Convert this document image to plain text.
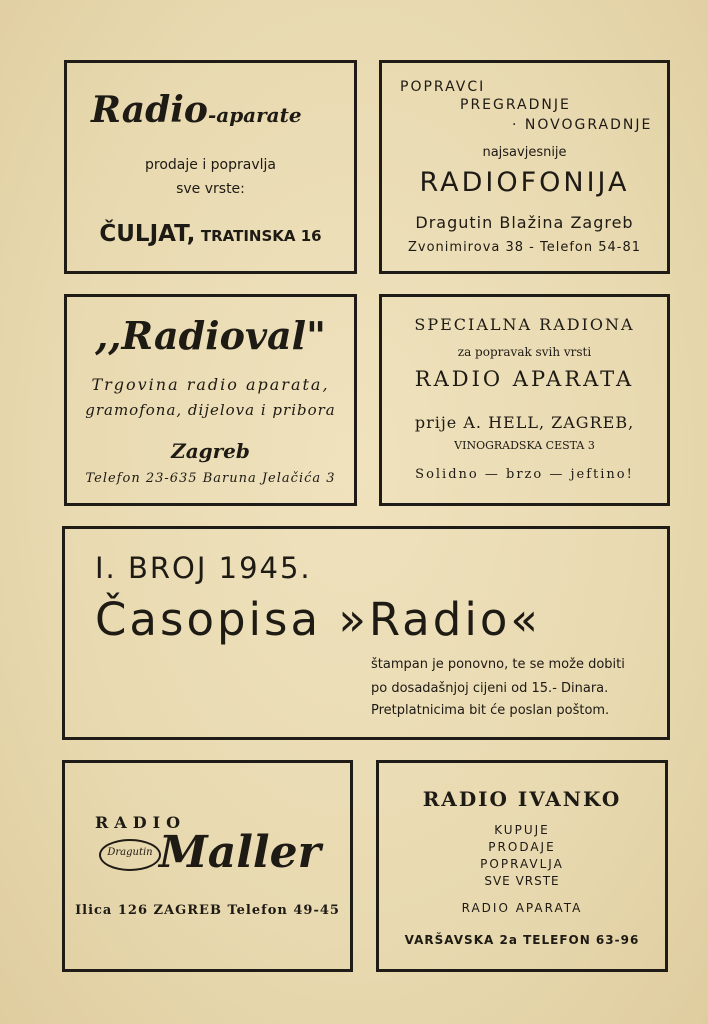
Radio-aparate
prodaje i popravlja
sve vrste:
ČULJAT, TRATINSKA 16
POPRAVCI
PREGRADNJE
· NOVOGRADNJE
najsavjesnije
RADIOFONIJA
Dragutin Blažina Zagreb
Zvonimirova 38 - Telefon 54-81
,,Radioval"
Trgovina radio aparata,
gramofona, dijelova i pribora
Zagreb
Telefon 23-635 Baruna Jelačića 3
SPECIALNA RADIONA
za popravak svih vrsti
RADIO APARATA
prije A. HELL, ZAGREB,
VINOGRADSKA CESTA 3
Solidno — brzo — jeftino!
I. BROJ 1945.
Časopisa »Radio«
štampan je ponovno, te se može dobiti
po dosadašnjoj cijeni od 15.- Dinara.
Pretplatnicima bit će poslan poštom.
RADIO
Dragutin Maller
Ilica 126 ZAGREB Telefon 49-45
RADIO IVANKO
KUPUJE
PRODAJE
POPRAVLJA
SVE VRSTE
RADIO APARATA
VARŠAVSKA 2a TELEFON 63-96
